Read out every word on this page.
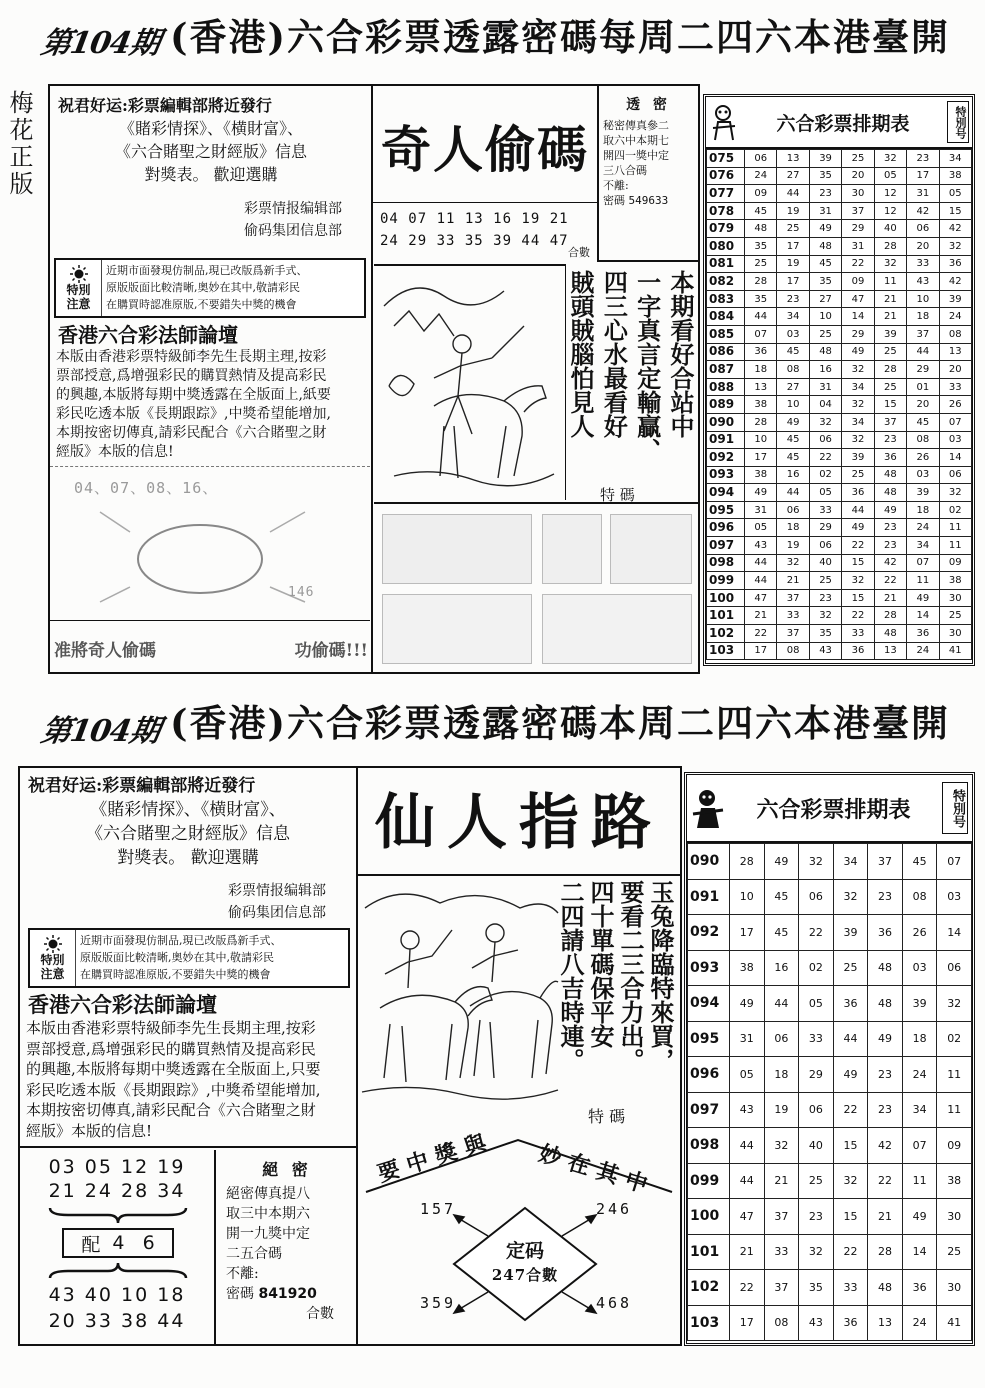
第104期 (香港)六合彩票透露密碼每周二四六本港臺開
梅花正版 祝君好运:彩票編輯部將近發行
《賭彩情探》、《横財富》、
《六合賭聖之財經版》信息
對獎表。 歡迎選購
彩票情报编辑部
偷码集团信息部
特別
注意
近期市面發現仿制品,現已改版爲新手式、
原版版面比較清晰,奥妙在其中,敬請彩民
在購買時認准原版,不要錯失中獎的機會
香港六合彩法師論壇
本版由香港彩票特級師李先生長期主理,按彩
票部授意,爲增强彩民的購買熱情及提高彩民
的興趣,本版將每期中獎透露在全版面上,紙要
彩民吃透本版《長期跟踪》,中獎希望能增加,
本期按密切傳真,請彩民配合《六合賭聖之財
經版》本版的信息!
04、07、08、16、
146
准將奇人偷碼	功偷碼!!!
奇人偷碼
04 07 11 13 16 19 21
24 29 33 35 39 44 47
合數
透 密
秘密傳真參二
取六中本期七
開四一獎中定
三八合碼
不離:
密碼 549633
本期看好合站中
一字真言定輸贏、
四三心水最看好
賊頭賊腦怕見人
特 碼
六合彩票排期表	特別号
075	06	13	39	25	32	23	34
076	24	27	35	20	05	17	38
077	09	44	23	30	12	31	05
078	45	19	31	37	12	42	15
079	48	25	49	29	40	06	42
080	35	17	48	31	28	20	32
081	25	19	45	22	32	33	36
082	28	17	35	09	11	43	42
083	35	23	27	47	21	10	39
084	44	34	10	14	21	18	24
085	07	03	25	29	39	37	08
086	36	45	48	49	25	44	13
087	18	08	16	32	28	29	20
088	13	27	31	34	25	01	33
089	38	10	04	32	15	20	26
090	28	49	32	34	37	45	07
091	10	45	06	32	23	08	03
092	17	45	22	39	36	26	14
093	38	16	02	25	48	03	06
094	49	44	05	36	48	39	32
095	31	06	33	44	49	18	02
096	05	18	29	49	23	24	11
097	43	19	06	22	23	34	11
098	44	32	40	15	42	07	09
099	44	21	25	32	22	11	38
100	47	37	23	15	21	49	30
101	21	33	32	22	28	14	25
102	22	37	35	33	48	36	30
103	17	08	43	36	13	24	41
第104期 (香港)六合彩票透露密碼本周二四六本港臺開
祝君好运:彩票編輯部將近發行
《賭彩情探》、《横財富》、
《六合賭聖之財經版》信息
對獎表。 歡迎選購
彩票情报编辑部
偷码集团信息部
特別
注意
近期市面發現仿制品,現已改版爲新手式、
原版版面比較清晰,奥妙在其中,敬請彩民
在購買時認准原版,不要錯失中獎的機會
香港六合彩法師論壇
本版由香港彩票特級師李先生長期主理,按彩
票部授意,爲增强彩民的購買熱情及提高彩民
的興趣,本版將每期中獎透露在全版面上,只要
彩民吃透本版《長期跟踪》,中獎希望能增加,
本期按密切傳真,請彩民配合《六合賭聖之財
經版》本版的信息!
03 05 12 19
21 24 28 34
配 4   6
43 40 10 18
20 33 38 44
絕 密
絕密傳真提八
取三中本期六
開一九獎中定
二五合碼
不離:
密碼 841920
合數
仙人指路
玉兔降臨特來買，
要看二三合力出。
四十單碼保平安
二四請八吉時連。
特 碼
要中獎與 妙在其中
定码
247合數
157	246
359	468
六合彩票排期表	特別号
090	28	49	32	34	37	45	07
091	10	45	06	32	23	08	03
092	17	45	22	39	36	26	14
093	38	16	02	25	48	03	06
094	49	44	05	36	48	39	32
095	31	06	33	44	49	18	02
096	05	18	29	49	23	24	11
097	43	19	06	22	23	34	11
098	44	32	40	15	42	07	09
099	44	21	25	32	22	11	38
100	47	37	23	15	21	49	30
101	21	33	32	22	28	14	25
102	22	37	35	33	48	36	30
103	17	08	43	36	13	24	41
